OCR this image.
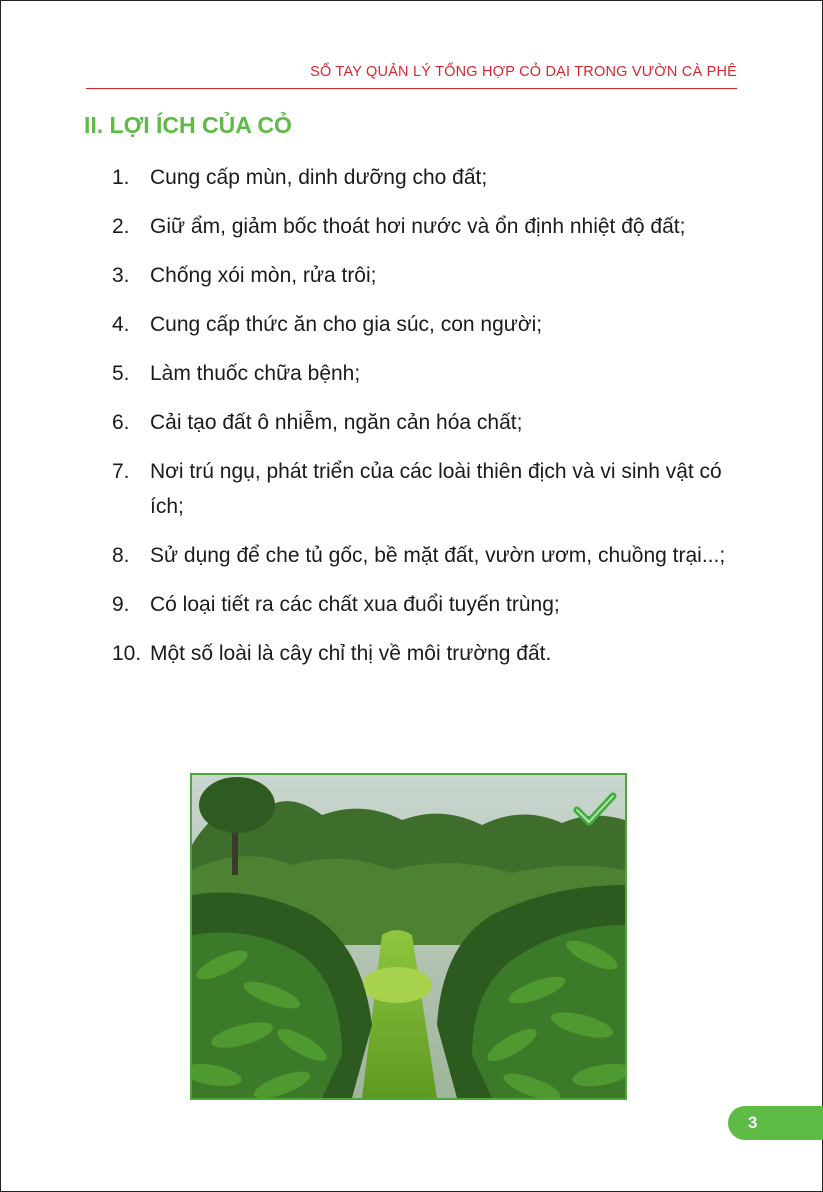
SỔ TAY QUẢN LÝ TỔNG HỢP CỎ DẠI TRONG VƯỜN CÀ PHÊ
II. LỢI ÍCH CỦA CỎ
1. Cung cấp mùn, dinh dưỡng cho đất;
2. Giữ ẩm, giảm bốc thoát hơi nước và ổn định nhiệt độ đất;
3. Chống xói mòn, rửa trôi;
4. Cung cấp thức ăn cho gia súc, con người;
5. Làm thuốc chữa bệnh;
6. Cải tạo đất ô nhiễm, ngăn cản hóa chất;
7. Nơi trú ngụ, phát triển của các loài thiên địch và vi sinh vật có ích;
8. Sử dụng để che tủ gốc, bề mặt đất, vườn ươm, chuồng trại...;
9. Có loại tiết ra các chất xua đuổi tuyến trùng;
10. Một số loài là cây chỉ thị về môi trường đất.
3
